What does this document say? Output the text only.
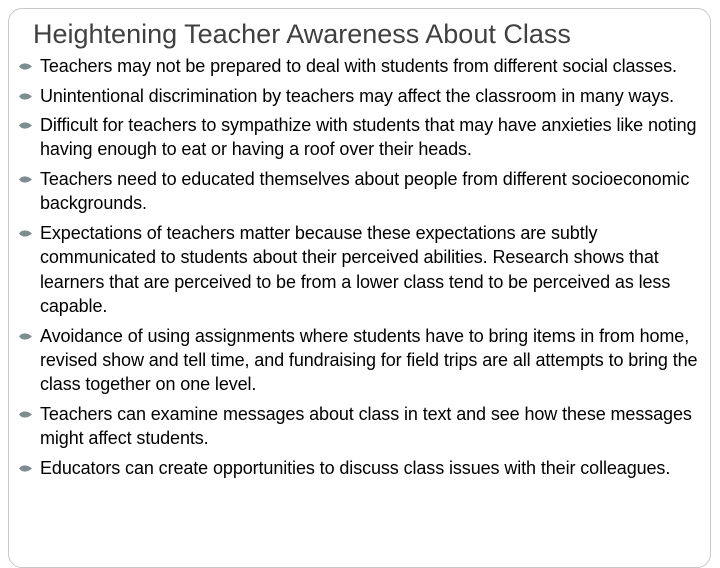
Heightening Teacher Awareness About Class
Teachers may not be prepared to deal with students from different social classes.
Unintentional discrimination by teachers may affect the classroom in many ways.
Difficult for teachers to sympathize with students that may have anxieties like noting having enough to eat or having a roof over their heads.
Teachers need to educated themselves about people from different socioeconomic backgrounds.
Expectations of teachers matter because these expectations are subtly communicated to students about their perceived abilities. Research shows that learners that are perceived to be from a lower class tend to be perceived as less capable.
Avoidance of using assignments where students have to bring items in from home, revised show and tell time, and fundraising for field trips are all attempts to bring the class together on one level.
Teachers can examine messages about class in text and see how these messages might affect students.
Educators can create opportunities to discuss class issues with their colleagues.
